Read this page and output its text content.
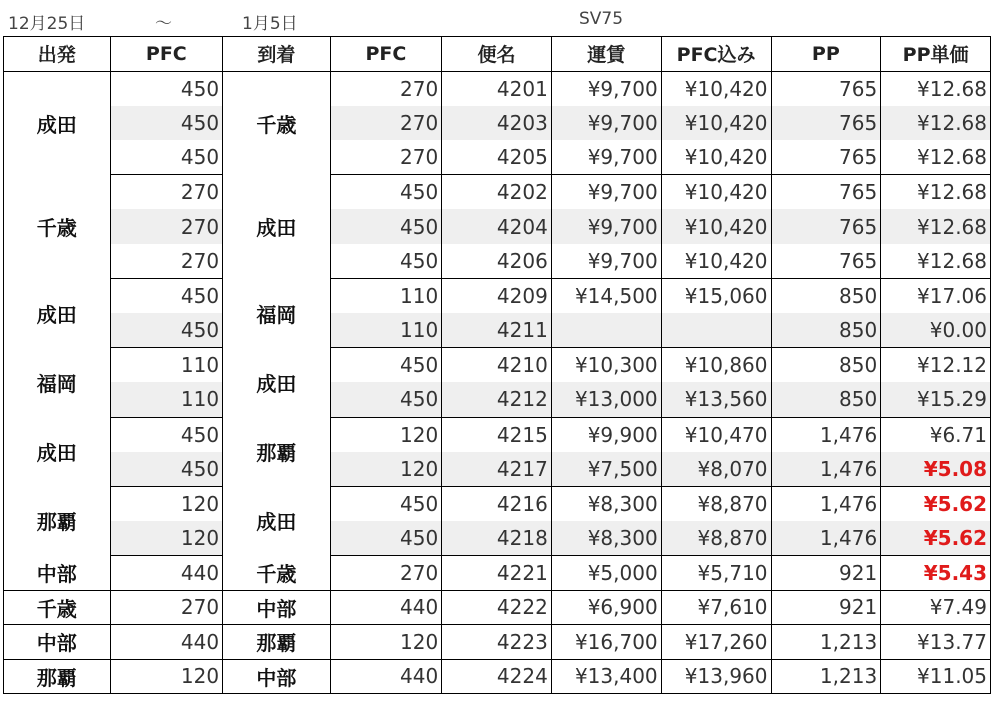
12月25日	～	1月5日	SV75
出発	PFC	到着	PFC	便名	運賃	PFC込み	PP	PP単価
成田	450	千歳	270	4201	¥9,700	¥10,420	765	¥12.68
	450		270	4203	¥9,700	¥10,420	765	¥12.68
	450		270	4205	¥9,700	¥10,420	765	¥12.68
千歳	270	成田	450	4202	¥9,700	¥10,420	765	¥12.68
	270		450	4204	¥9,700	¥10,420	765	¥12.68
	270		450	4206	¥9,700	¥10,420	765	¥12.68
成田	450	福岡	110	4209	¥14,500	¥15,060	850	¥17.06
	450		110	4211			850	¥0.00
福岡	110	成田	450	4210	¥10,300	¥10,860	850	¥12.12
	110		450	4212	¥13,000	¥13,560	850	¥15.29
成田	450	那覇	120	4215	¥9,900	¥10,470	1,476	¥6.71
	450		120	4217	¥7,500	¥8,070	1,476	¥5.08
那覇	120	成田	450	4216	¥8,300	¥8,870	1,476	¥5.62
	120		450	4218	¥8,300	¥8,870	1,476	¥5.62
中部	440	千歳	270	4221	¥5,000	¥5,710	921	¥5.43
千歳	270	中部	440	4222	¥6,900	¥7,610	921	¥7.49
中部	440	那覇	120	4223	¥16,700	¥17,260	1,213	¥13.77
那覇	120	中部	440	4224	¥13,400	¥13,960	1,213	¥11.05
